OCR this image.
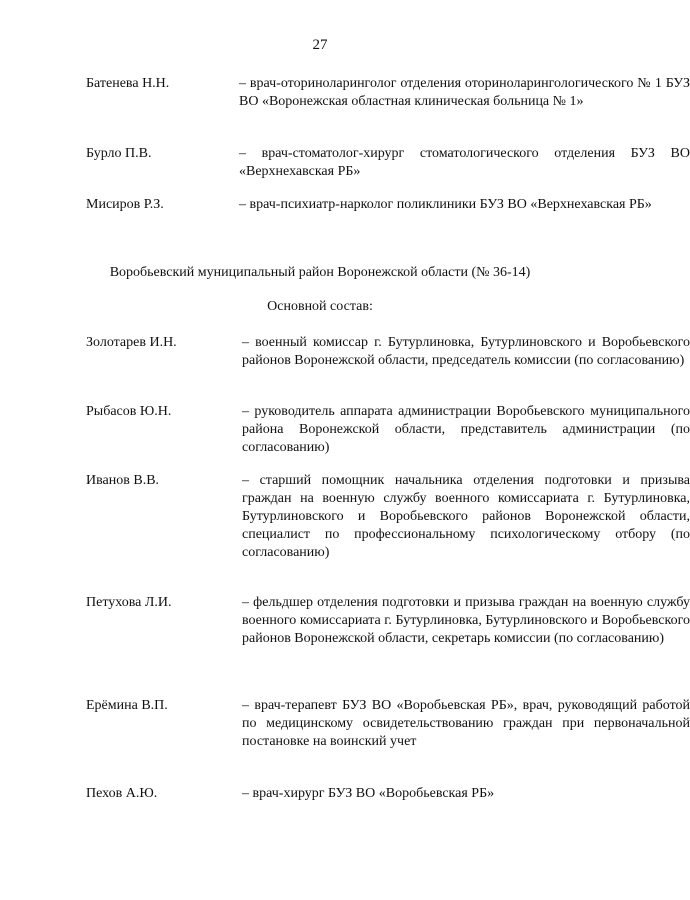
27
Батенева Н.Н.	– врач-оториноларинголог отделения оториноларингологического № 1 БУЗ ВО «Воронежская областная клиническая больница № 1»
Бурло П.В.	– врач-стоматолог-хирург стоматологического отделения БУЗ ВО «Верхнехавская РБ»
Мисиров Р.З.	– врач-психиатр-нарколог поликлиники БУЗ ВО «Верхнехавская РБ»
Воробьевский муниципальный район Воронежской области (№ 36-14)
Основной состав:
Золотарев И.Н.	– военный комиссар г. Бутурлиновка, Бутурлиновского и Воробьевского районов Воронежской области, председатель комиссии (по согласованию)
Рыбасов Ю.Н.	– руководитель аппарата администрации Воробьевского муниципального района Воронежской области, представитель администрации (по согласованию)
Иванов В.В.	– старший помощник начальника отделения подготовки и призыва граждан на военную службу военного комиссариата г. Бутурлиновка, Бутурлиновского и Воробьевского районов Воронежской области, специалист по профессиональному психологическому отбору (по согласованию)
Петухова Л.И.	– фельдшер отделения подготовки и призыва граждан на военную службу военного комиссариата г. Бутурлиновка, Бутурлиновского и Воробьевского районов Воронежской области, секретарь комиссии (по согласованию)
Ерёмина В.П.	– врач-терапевт БУЗ ВО «Воробьевская РБ», врач, руководящий работой по медицинскому освидетельствованию граждан при первоначальной постановке на воинский учет
Пехов А.Ю.	– врач-хирург БУЗ ВО «Воробьевская РБ»
